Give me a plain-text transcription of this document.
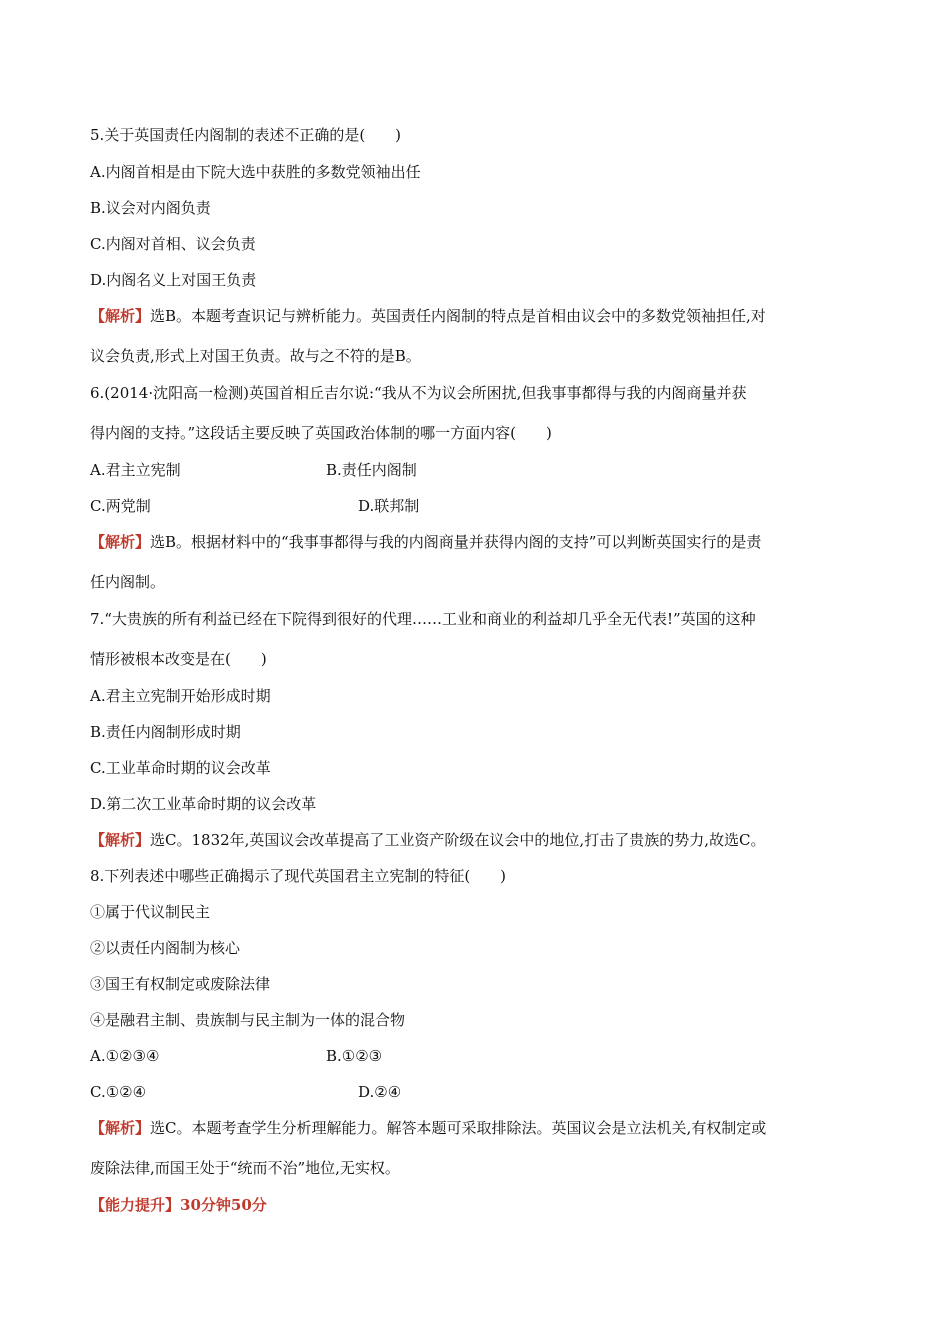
5.关于英国责任内阁制的表述不正确的是(　　)
A.内阁首相是由下院大选中获胜的多数党领袖出任
B.议会对内阁负责
C.内阁对首相、议会负责
D.内阁名义上对国王负责
【解析】选B。本题考查识记与辨析能力。英国责任内阁制的特点是首相由议会中的多数党领袖担任,对
议会负责,形式上对国王负责。故与之不符的是B。
6.(2014·沈阳高一检测)英国首相丘吉尔说:“我从不为议会所困扰,但我事事都得与我的内阁商量并获
得内阁的支持。”这段话主要反映了英国政治体制的哪一方面内容(　　)
A.君主立宪制	B.责任内阁制
C.两党制	D.联邦制
【解析】选B。根据材料中的“我事事都得与我的内阁商量并获得内阁的支持”可以判断英国实行的是责
任内阁制。
7.“大贵族的所有利益已经在下院得到很好的代理……工业和商业的利益却几乎全无代表!”英国的这种
情形被根本改变是在(　　)
A.君主立宪制开始形成时期
B.责任内阁制形成时期
C.工业革命时期的议会改革
D.第二次工业革命时期的议会改革
【解析】选C。1832年,英国议会改革提高了工业资产阶级在议会中的地位,打击了贵族的势力,故选C。
8.下列表述中哪些正确揭示了现代英国君主立宪制的特征(　　)
①属于代议制民主
②以责任内阁制为核心
③国王有权制定或废除法律
④是融君主制、贵族制与民主制为一体的混合物
A.①②③④	B.①②③
C.①②④	D.②④
【解析】选C。本题考查学生分析理解能力。解答本题可采取排除法。英国议会是立法机关,有权制定或
废除法律,而国王处于“统而不治”地位,无实权。
【能力提升】30分钟50分
